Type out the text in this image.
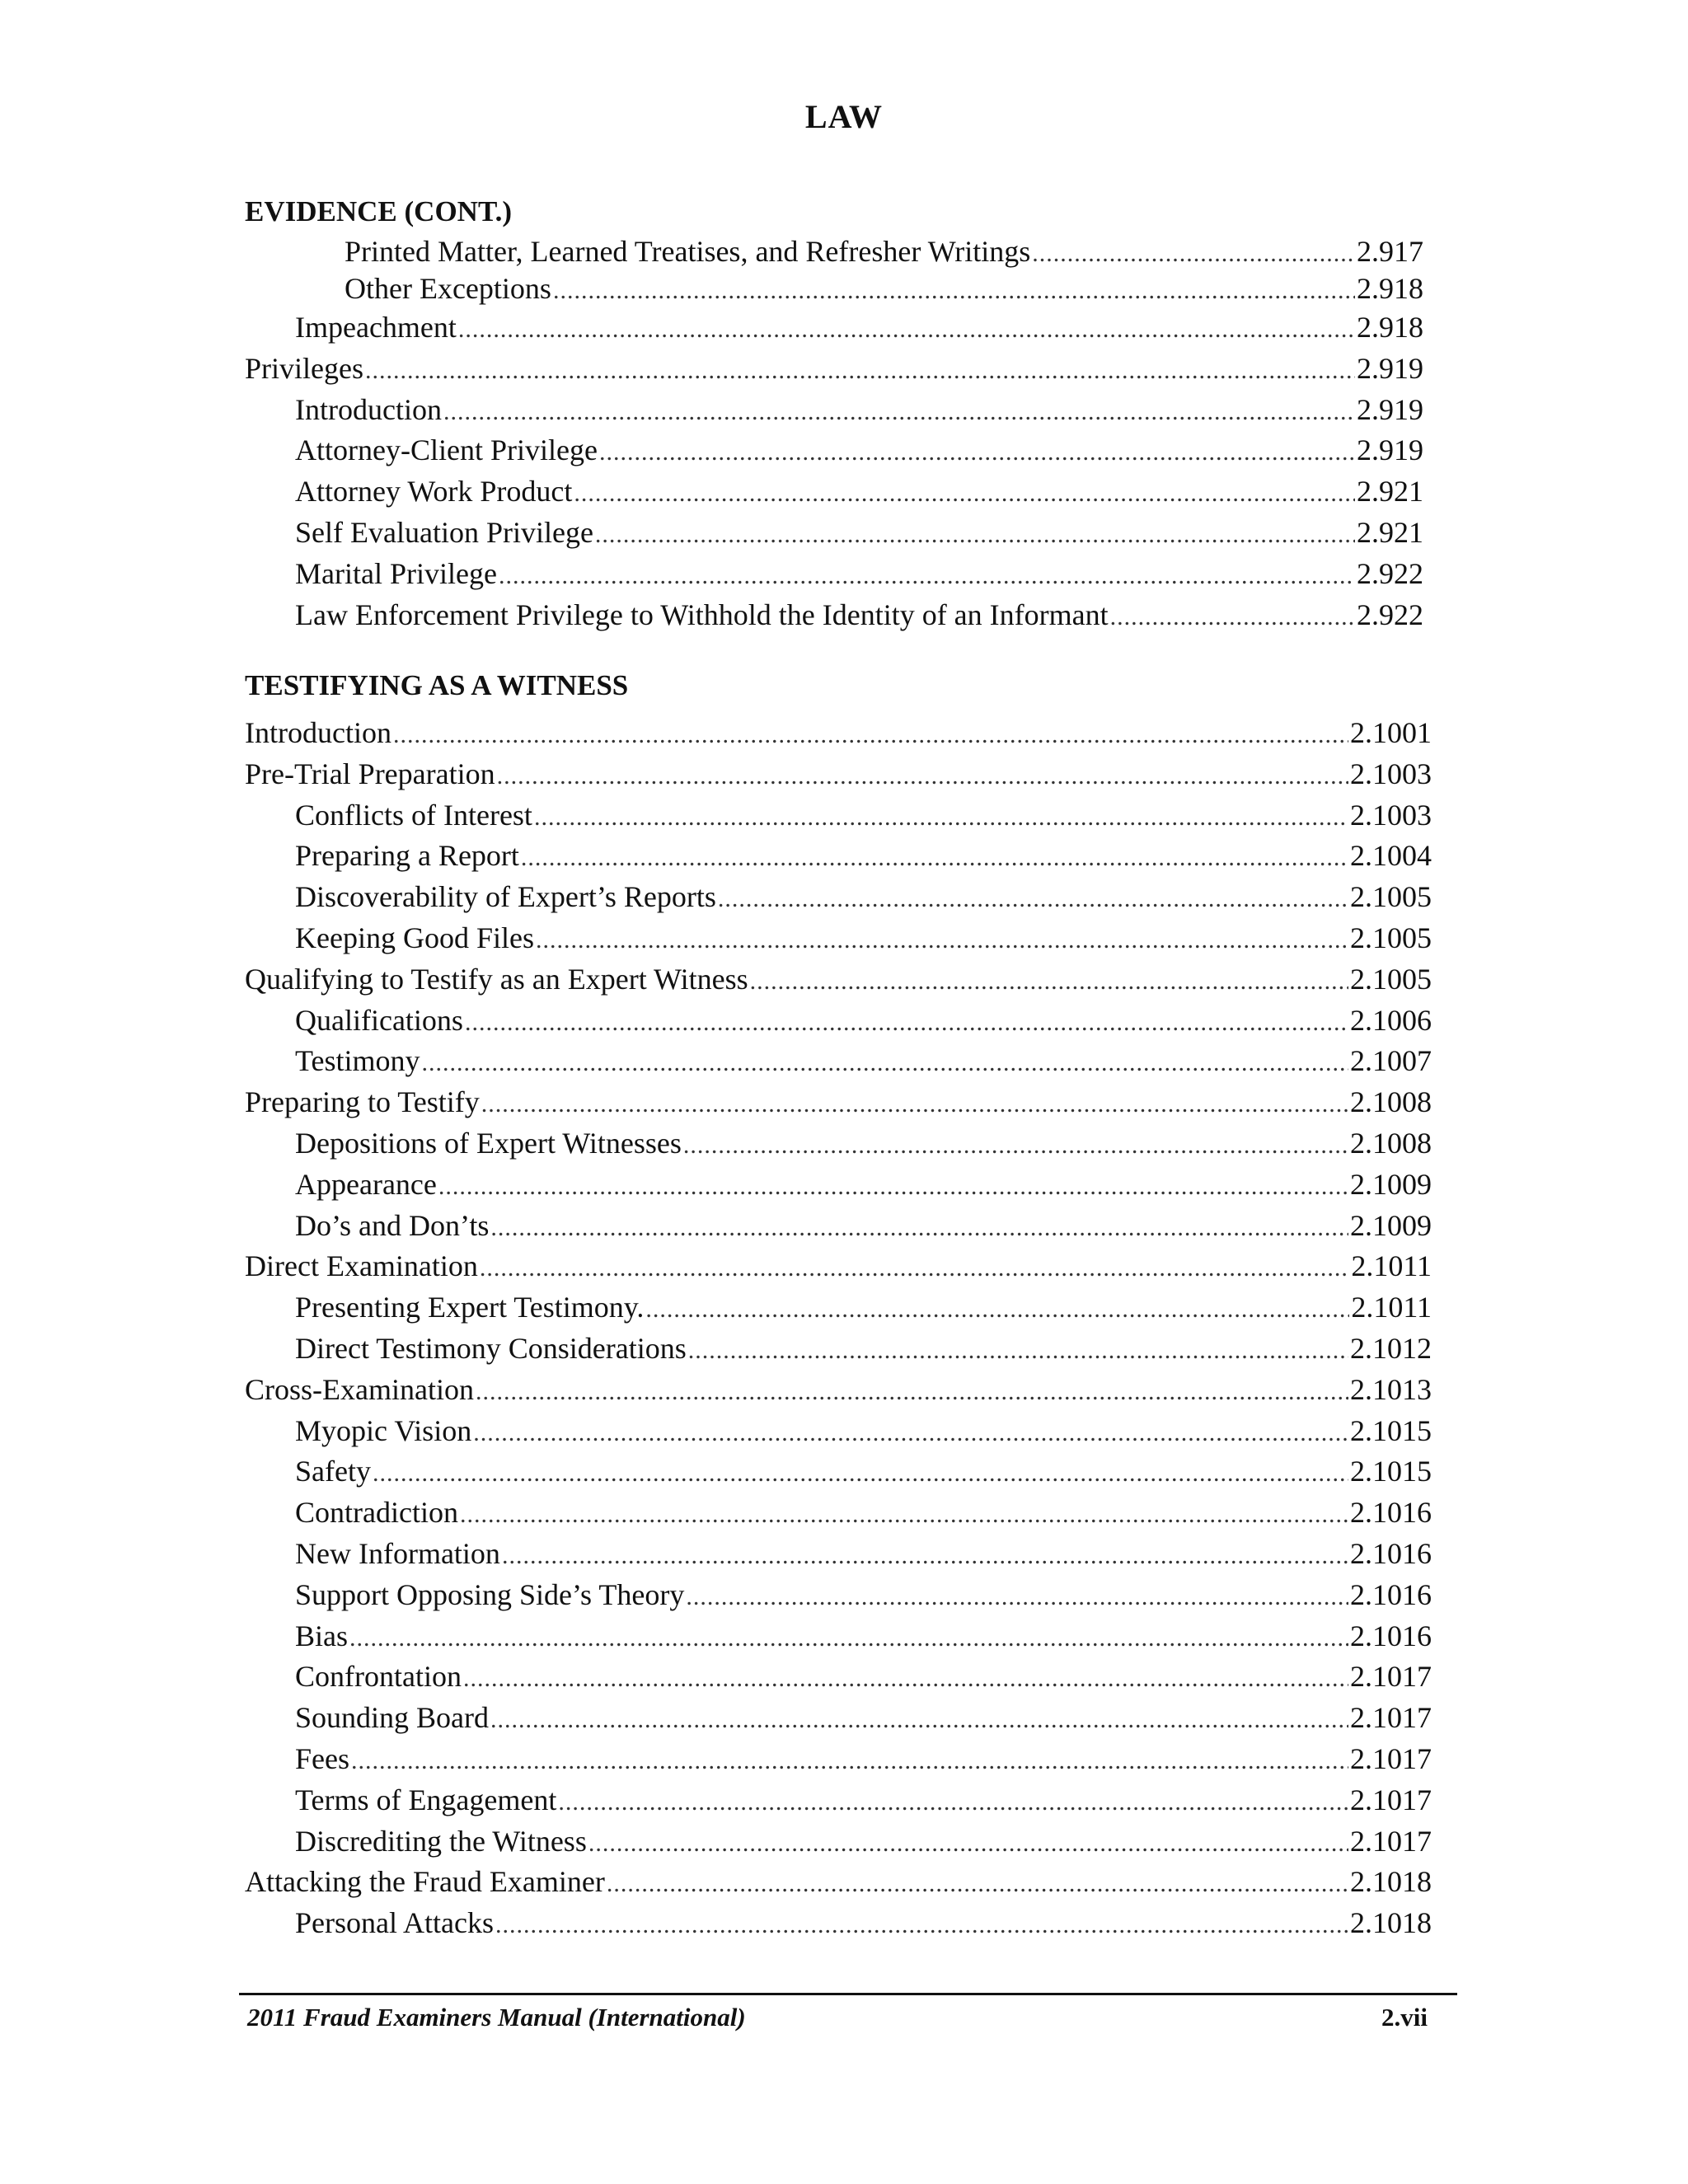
LAW
EVIDENCE (CONT.)
Printed Matter, Learned Treatises, and Refresher Writings .....	2.917
Other Exceptions .....	2.918
Impeachment .....	2.918
Privileges .....	2.919
Introduction .....	2.919
Attorney-Client Privilege .....	2.919
Attorney Work Product .....	2.921
Self Evaluation Privilege .....	2.921
Marital Privilege .....	2.922
Law Enforcement Privilege to Withhold the Identity of an Informant .....	2.922
TESTIFYING AS A WITNESS
Introduction .....	2.1001
Pre-Trial Preparation .....	2.1003
Conflicts of Interest .....	2.1003
Preparing a Report .....	2.1004
Discoverability of Expert’s Reports .....	2.1005
Keeping Good Files .....	2.1005
Qualifying to Testify as an Expert Witness .....	2.1005
Qualifications .....	2.1006
Testimony .....	2.1007
Preparing to Testify .....	2.1008
Depositions of Expert Witnesses .....	2.1008
Appearance .....	2.1009
Do’s and Don’ts .....	2.1009
Direct Examination .....	2.1011
Presenting Expert Testimony. .....	2.1011
Direct Testimony Considerations .....	2.1012
Cross-Examination .....	2.1013
Myopic Vision .....	2.1015
Safety .....	2.1015
Contradiction .....	2.1016
New Information .....	2.1016
Support Opposing Side’s Theory .....	2.1016
Bias .....	2.1016
Confrontation .....	2.1017
Sounding Board .....	2.1017
Fees .....	2.1017
Terms of Engagement .....	2.1017
Discrediting the Witness .....	2.1017
Attacking the Fraud Examiner .....	2.1018
Personal Attacks .....	2.1018
2011 Fraud Examiners Manual (International)	2.vii
